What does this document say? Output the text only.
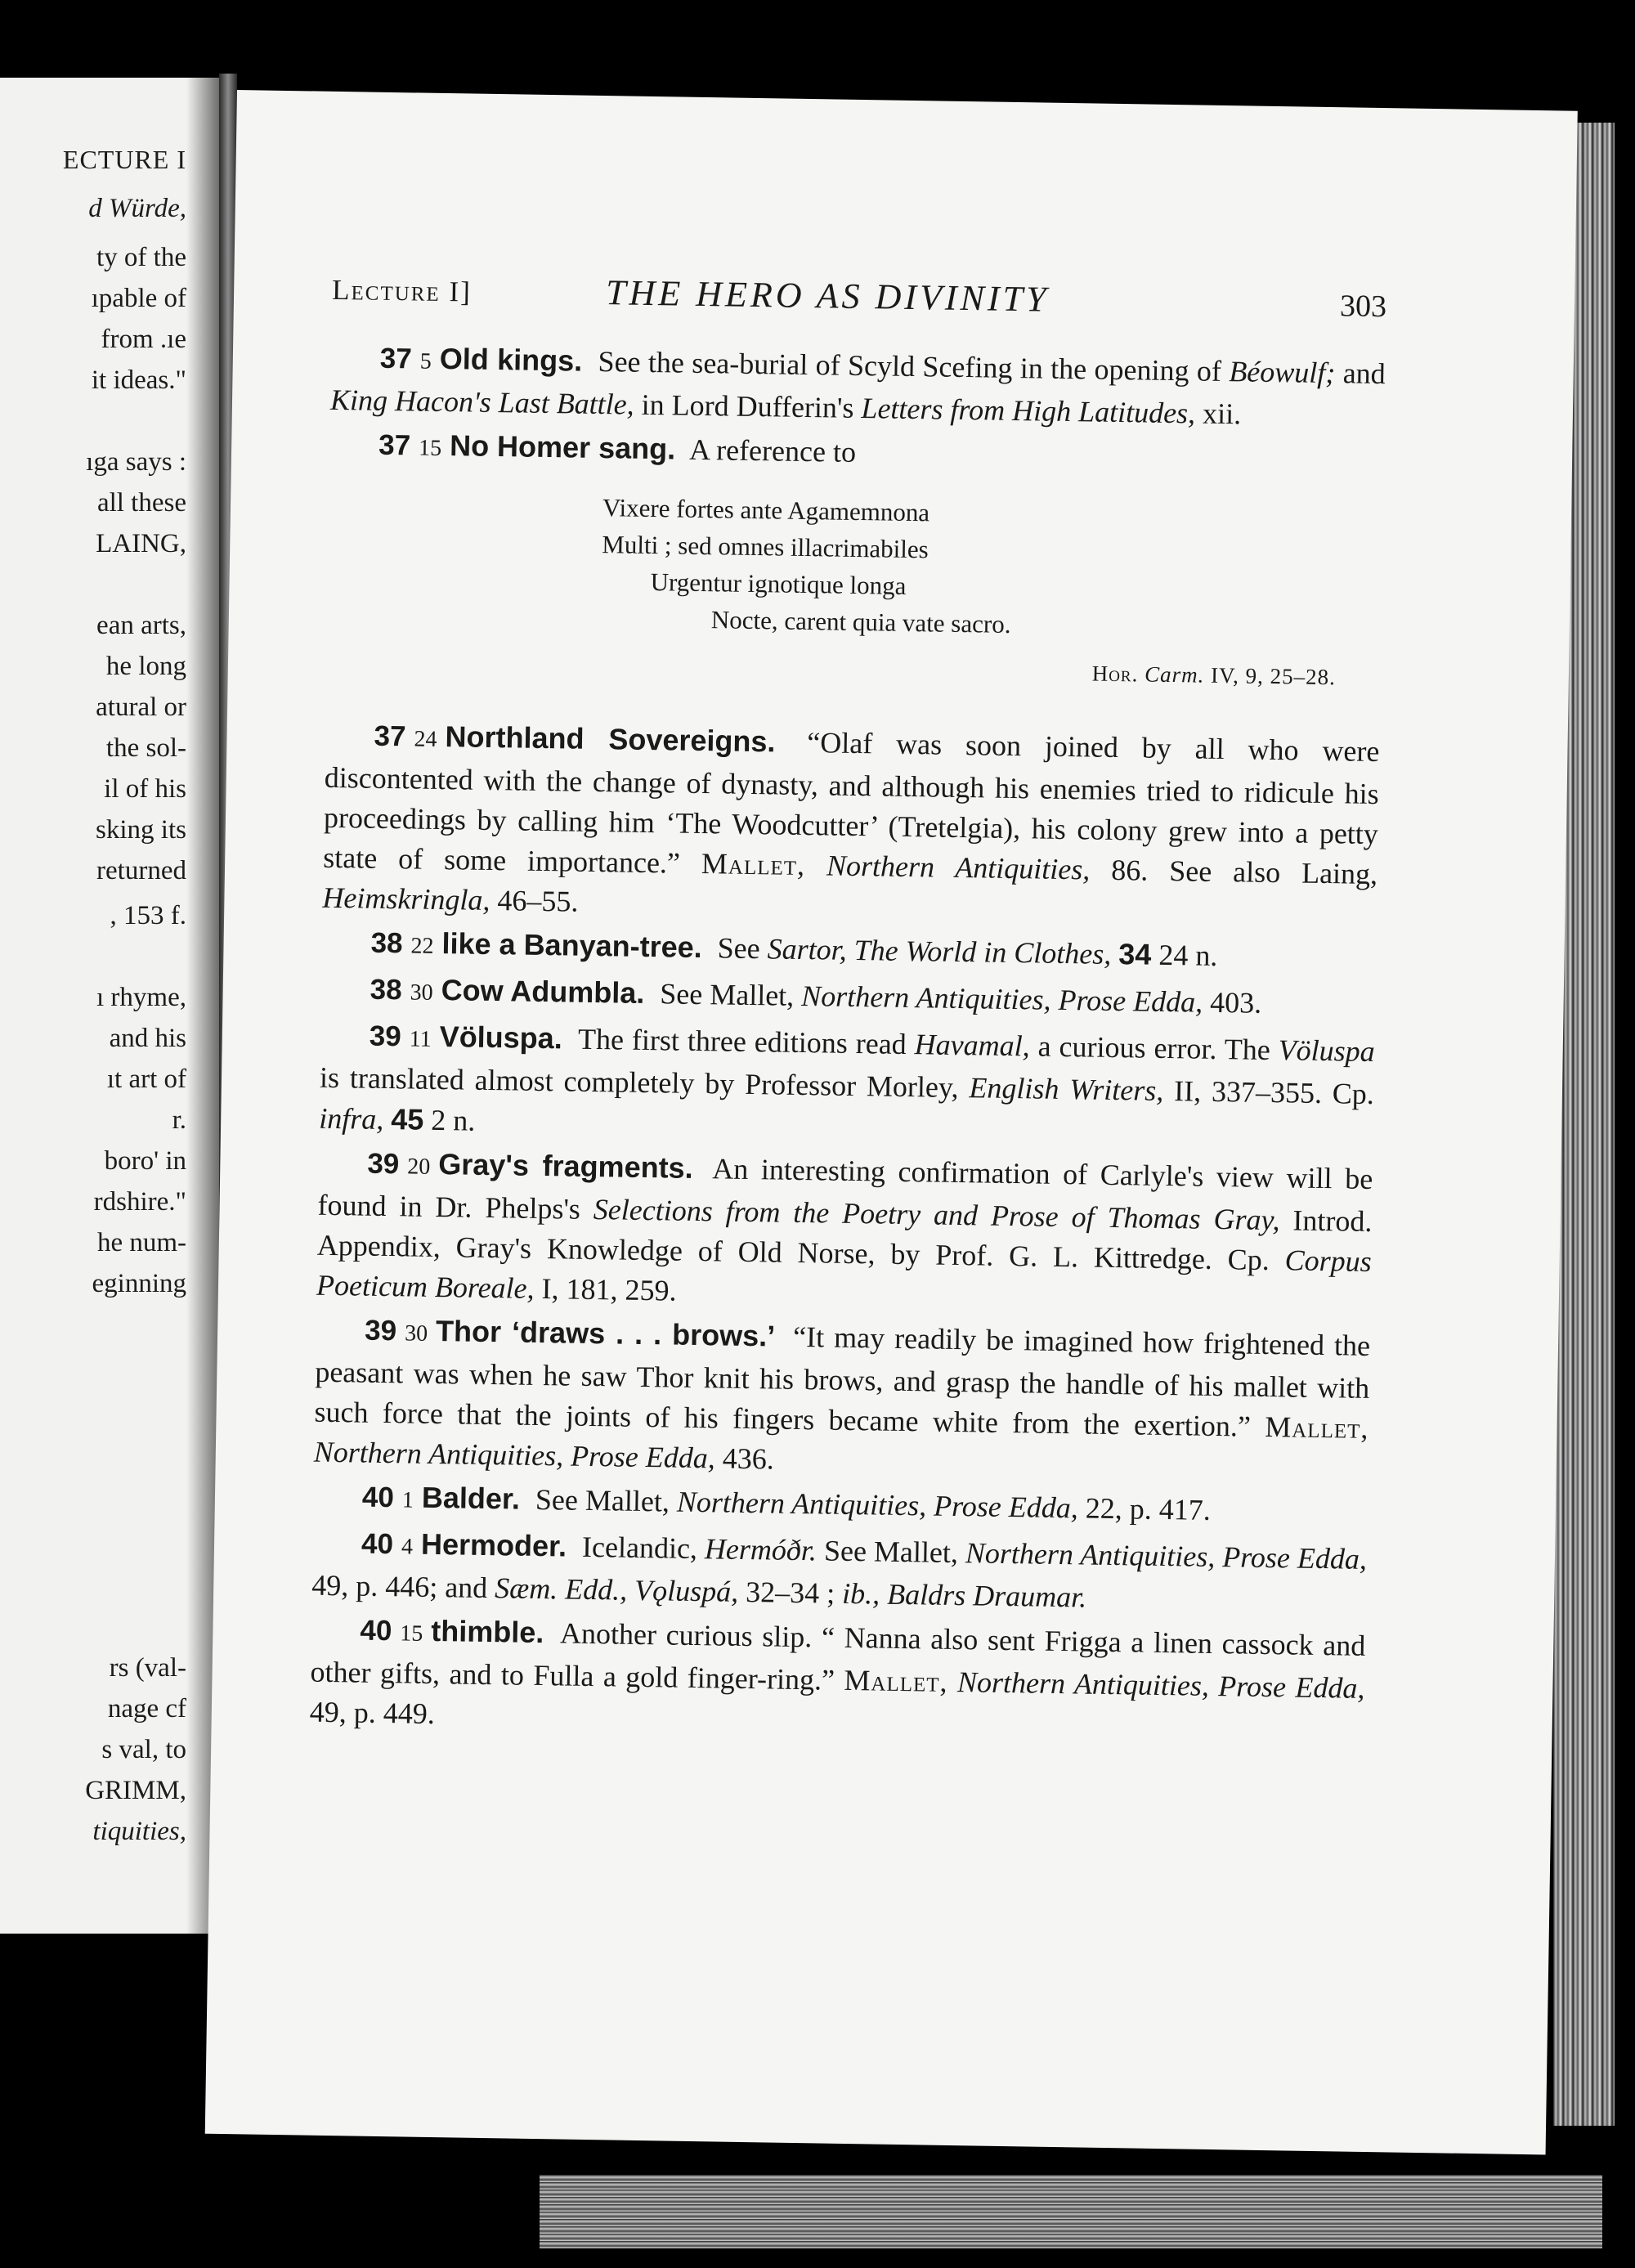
ECTURE I
d Würde,
ty of the
ıpable of
from .ıe
it ideas."
ıga says :
all these
LAING,
ean arts,
he long
atural or
the sol-
il of his
sking its
returned
, 153 f.
ı rhyme,
and his
ıt art of
r.
boro' in
rdshire."
he num-
eginning
rs (val-
nage cf
s val, to
GRIMM,
tiquities,
Lecture I]	THE HERO AS DIVINITY	303
37 5 Old kings. See the sea-burial of Scyld Scefing in the opening of Béowulf; and King Hacon's Last Battle, in Lord Dufferin's Letters from High Latitudes, xii.
37 15 No Homer sang. A reference to
Vixere fortes ante Agamemnona
Multi ; sed omnes illacrimabiles
Urgentur ignotique longa
Nocte, carent quia vate sacro.
Hor. Carm. IV, 9, 25–28.
37 24 Northland Sovereigns. “Olaf was soon joined by all who were discontented with the change of dynasty, and although his enemies tried to ridicule his proceedings by calling him ‘The Woodcutter’ (Tretelgia), his colony grew into a petty state of some importance.” Mallet, Northern Antiquities, 86. See also Laing, Heimskringla, 46–55.
38 22 like a Banyan-tree. See Sartor, The World in Clothes, 34 24 n.
38 30 Cow Adumbla. See Mallet, Northern Antiquities, Prose Edda, 403.
39 11 Völuspa. The first three editions read Havamal, a curious error. The Völuspa is translated almost completely by Professor Morley, English Writers, II, 337–355. Cp. infra, 45 2 n.
39 20 Gray's fragments. An interesting confirmation of Carlyle's view will be found in Dr. Phelps's Selections from the Poetry and Prose of Thomas Gray, Introd. Appendix, Gray's Knowledge of Old Norse, by Prof. G. L. Kittredge. Cp. Corpus Poeticum Boreale, I, 181, 259.
39 30 Thor ‘draws . . . brows.’ “It may readily be imagined how frightened the peasant was when he saw Thor knit his brows, and grasp the handle of his mallet with such force that the joints of his fingers became white from the exertion.” Mallet, Northern Antiquities, Prose Edda, 436.
40 1 Balder. See Mallet, Northern Antiquities, Prose Edda, 22, p. 417.
40 4 Hermoder. Icelandic, Hermóðr. See Mallet, Northern Antiquities, Prose Edda, 49, p. 446; and Sæm. Edd., Vǫluspá, 32–34 ; ib., Baldrs Draumar.
40 15 thimble. Another curious slip. “ Nanna also sent Frigga a linen cassock and other gifts, and to Fulla a gold finger-ring.” Mallet, Northern Antiquities, Prose Edda, 49, p. 449.
